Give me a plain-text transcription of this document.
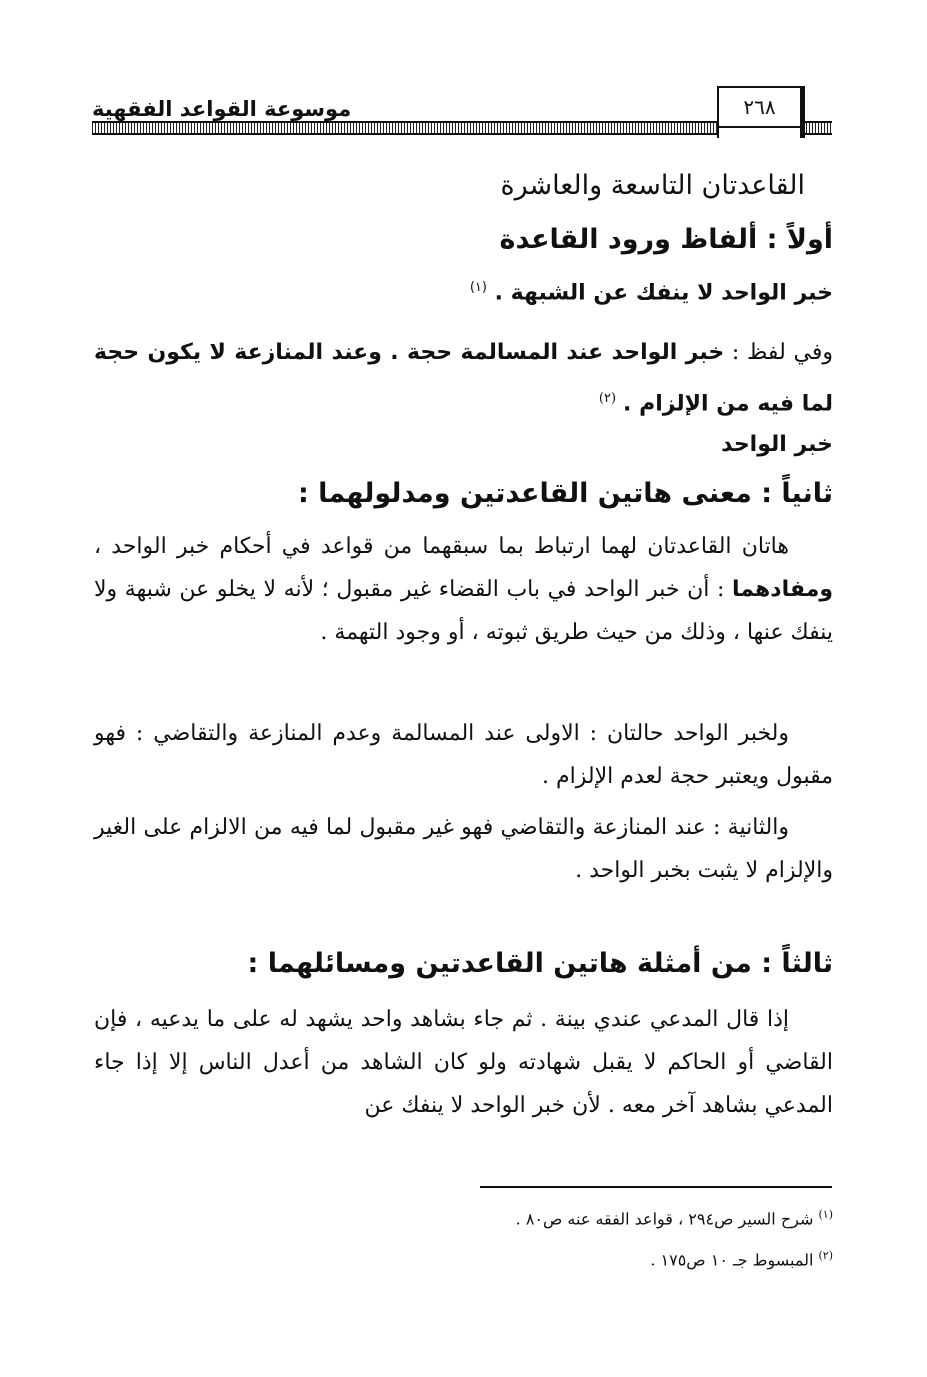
موسوعة القواعد الفقهية	٢٦٨
القاعدتان التاسعة والعاشرة
أولاً : ألفاظ ورود القاعدة
خبر الواحد لا ينفك عن الشبهة . $^{(١)}$
وفي لفظ : خبر الواحد عند المسالمة حجة . وعند المنازعة لا يكون حجة لما فيه من الإلزام . $^{(٢)}$
خبر الواحد
ثانياً : معنى هاتين القاعدتين ومدلولهما :
هاتان القاعدتان لهما ارتباط بما سبقهما من قواعد في أحكام خبر الواحد ، ومفادهما : أن خبر الواحد في باب القضاء غير مقبول ؛ لأنه لا يخلو عن شبهة ولا ينفك عنها ، وذلك من حيث طريق ثبوته ، أو وجود التهمة .
ولخبر الواحد حالتان : الاولى عند المسالمة وعدم المنازعة والتقاضي : فهو مقبول ويعتبر حجة لعدم الإلزام .
والثانية : عند المنازعة والتقاضي فهو غير مقبول لما فيه من الالزام على الغير والإلزام لا يثبت بخبر الواحد .
ثالثاً : من أمثلة هاتين القاعدتين ومسائلهما :
إذا قال المدعي عندي بينة . ثم جاء بشاهد واحد يشهد له على ما يدعيه ، فإن القاضي أو الحاكم لا يقبل شهادته ولو كان الشاهد من أعدل الناس إلا إذا جاء المدعي بشاهد آخر معه . لأن خبر الواحد لا ينفك عن
$^{(١)}$ شرح السير ص٢٩٤ ، قواعد الفقه عنه ص٨٠ .
$^{(٢)}$ المبسوط جـ ١٠ ص١٧٥ .
